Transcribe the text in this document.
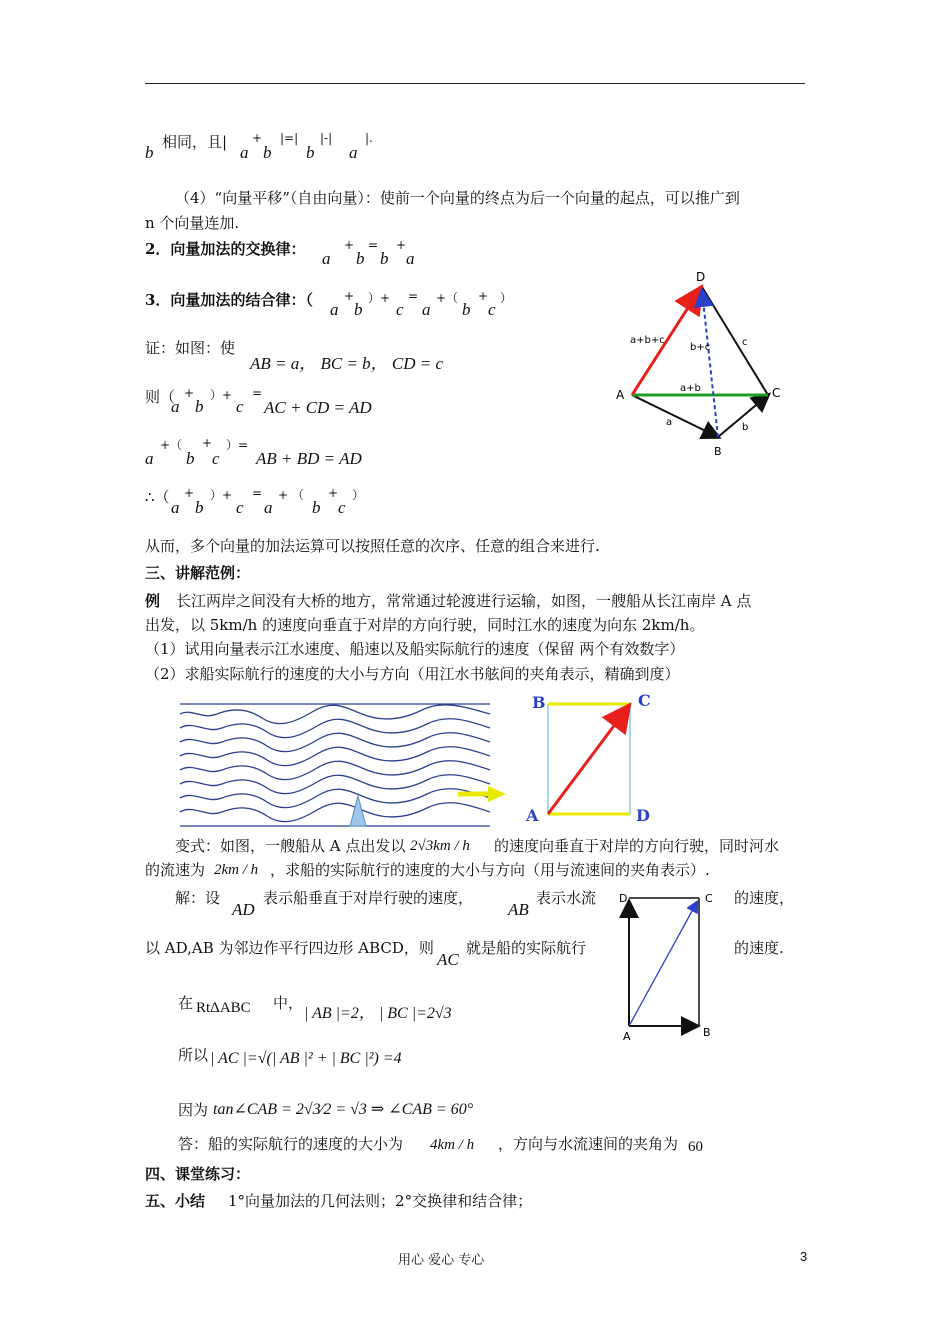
b
相同，且|
a
+
b
|=|
b
|-|
a
|.
（4）“向量平移”（自由向量）：使前一个向量的终点为后一个向量的起点，可以推广到
n 个向量连加.
2．向量加法的交换律： a
+
b
=
b
+
a
3．向量加法的结合律：（ a
+
b
）+
c
=
a
+（
b
+
c
）
证：如图：使
AB = a， BC = b， CD = c
则（
a
+
b
）+
c
=
AC + CD = AD
a
+（
b
+
c
）=
AB + BD = AD
∴（
a
+
b
）+
c
=
a
+ （
b
+
c
）
从而，多个向量的加法运算可以按照任意的次序、任意的组合来进行.
三、讲解范例：
例 长江两岸之间没有大桥的地方，常常通过轮渡进行运输，如图，一艘船从长江南岸 A 点
出发，以 5km/h 的速度向垂直于对岸的方向行驶，同时江水的速度为向东 2km/h。
（1）试用向量表示江水速度、船速以及船实际航行的速度（保留 两个有效数字）
（2）求船实际航行的速度的大小与方向（用江水书舷间的夹角表示，精确到度）
D
A
B
C
a+b+c
b+c
a+b
a	b
c
B	C
A	D
变式：如图，一艘船从 A 点出发以 2√3km / h 的速度向垂直于对岸的方向行驶，同时河水
的流速为 2km / h ，求船的实际航行的速度的大小与方向（用与流速间的夹角表示）.
解：设
AD
表示船垂直于对岸行驶的速度，
AB
表示水流	的速度，
以 AD,AB 为邻边作平行四边形 ABCD，则
AC
就是船的实际航行	的速度.
D	C
A	B
在 RtΔABC 中，
| AB |=2， | BC |=2√3
所以 | AC |=√(| AB |² + | BC |²) =4
因为 tan∠CAB = 2√3⁄2 = √3 ⇒ ∠CAB = 60°
答：船的实际航行的速度的大小为 4km / h ，方向与水流速间的夹角为 60
四、课堂练习：
五、小结 1°向量加法的几何法则；2°交换律和结合律；
用心 爱心 专心	3
